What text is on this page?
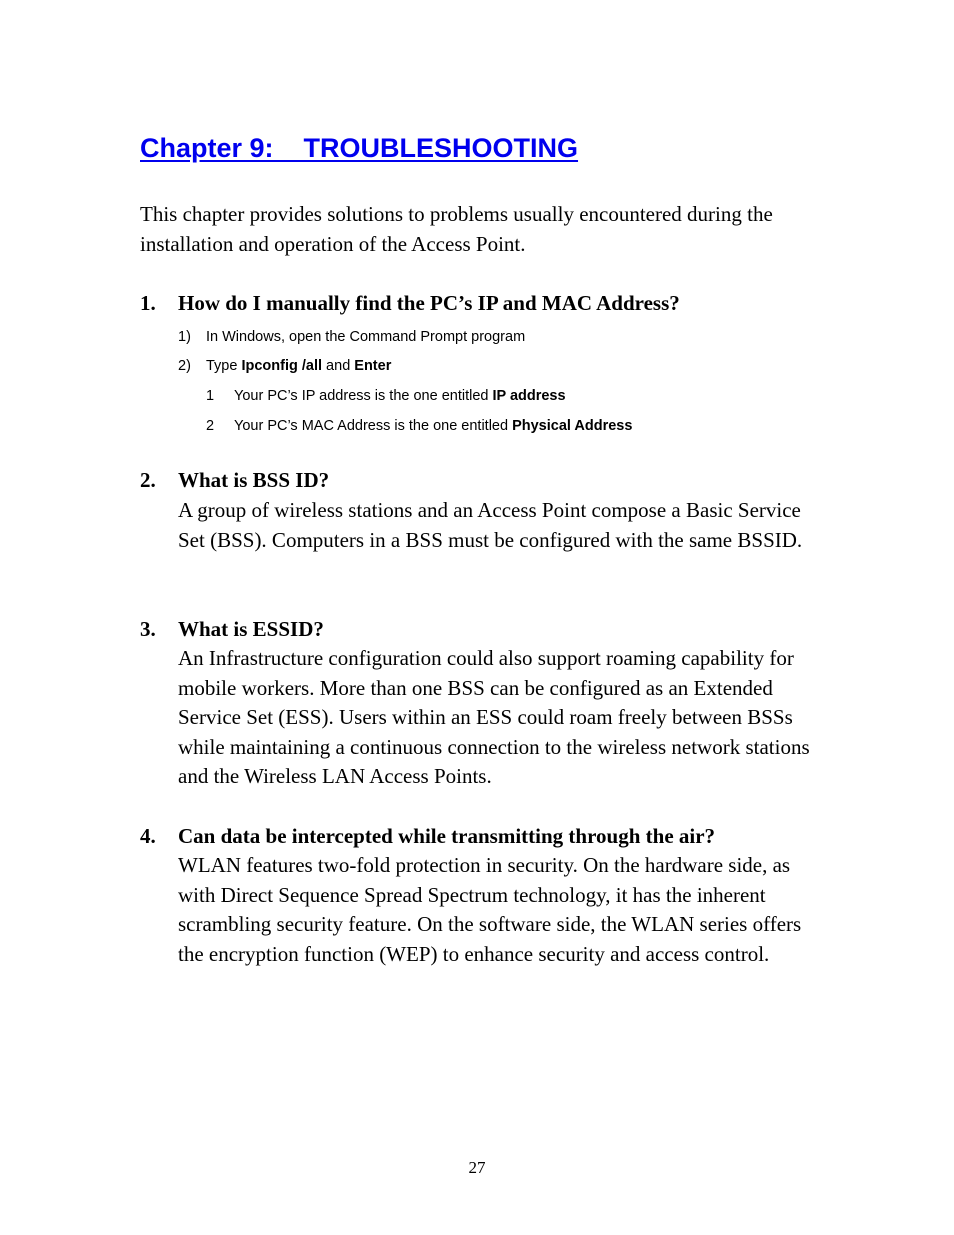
Chapter 9:    TROUBLESHOOTING

This chapter provides solutions to problems usually encountered during the installation and operation of the Access Point.

1. How do I manually find the PC’s IP and MAC Address?

1) In Windows, open the Command Prompt program

2) Type Ipconfig /all and Enter

1 Your PC’s IP address is the one entitled IP address

2 Your PC’s MAC Address is the one entitled Physical Address

2. What is BSS ID?

A group of wireless stations and an Access Point compose a Basic Service Set (BSS). Computers in a BSS must be configured with the same BSSID.

3. What is ESSID?

An Infrastructure configuration could also support roaming capability for mobile workers. More than one BSS can be configured as an Extended Service Set (ESS). Users within an ESS could roam freely between BSSs while maintaining a continuous connection to the wireless network stations and the Wireless LAN Access Points.

4. Can data be intercepted while transmitting through the air?

WLAN features two-fold protection in security. On the hardware side, as with Direct Sequence Spread Spectrum technology, it has the inherent scrambling security feature. On the software side, the WLAN series offers the encryption function (WEP) to enhance security and access control.

27
